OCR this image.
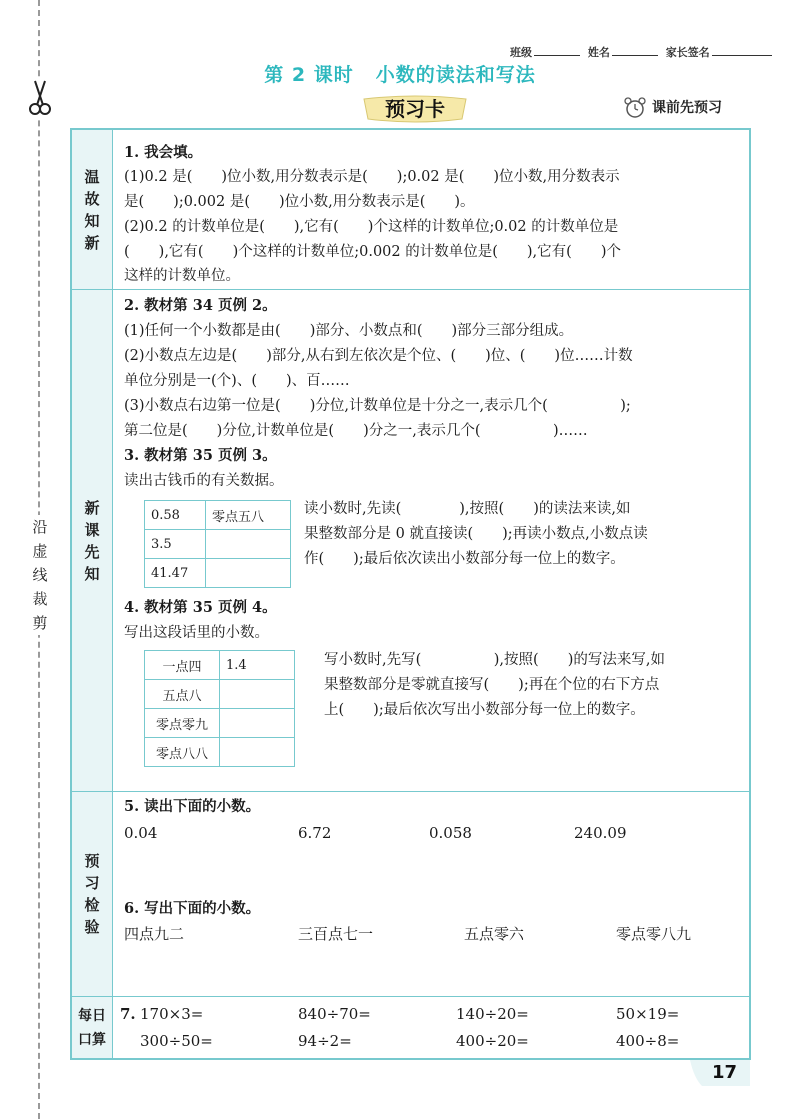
沿虚线裁剪
班级	姓名	家长签名
第 2 课时 小数的读法和写法
预习卡	课前先预习
温
故
知
新
1. 我会填。
(1)0.2 是(　　)位小数,用分数表示是(　　);0.02 是(　　)位小数,用分数表示
是(　　);0.002 是(　　)位小数,用分数表示是(　　)。
(2)0.2 的计数单位是(　　),它有(　　)个这样的计数单位;0.02 的计数单位是
(　　),它有(　　)个这样的计数单位;0.002 的计数单位是(　　),它有(　　)个
这样的计数单位。
新
课
先
知
2. 教材第 34 页例 2。
(1)任何一个小数都是由(　　)部分、小数点和(　　)部分三部分组成。
(2)小数点左边是(　　)部分,从右到左依次是个位、(　　)位、(　　)位……计数
单位分别是一(个)、(　　)、百……
(3)小数点右边第一位是(　　)分位,计数单位是十分之一,表示几个(　　　　　);
第二位是(　　)分位,计数单位是(　　)分之一,表示几个(　　　　　)……
3. 教材第 35 页例 3。
读出古钱币的有关数据。
0.58	零点五八
3.5	
41.47	
读小数时,先读(　　　　),按照(　　)的读法来读,如
果整数部分是 0 就直接读(　　);再读小数点,小数点读
作(　　);最后依次读出小数部分每一位上的数字。
4. 教材第 35 页例 4。
写出这段话里的小数。
一点四	1.4
五点八	
零点零九	
零点八八	
写小数时,先写(　　　　　),按照(　　)的写法来写,如
果整数部分是零就直接写(　　);再在个位的右下方点
上(　　);最后依次写出小数部分每一位上的数字。
预
习
检
验
5. 读出下面的小数。
0.04	6.72	0.058	240.09
6. 写出下面的小数。
四点九二	三百点七一	五点零六	零点零八九
每日
口算
7. 170×3=	840÷70=	140÷20=	50×19=
300÷50=	94÷2=	400÷20=	400÷8=
17
